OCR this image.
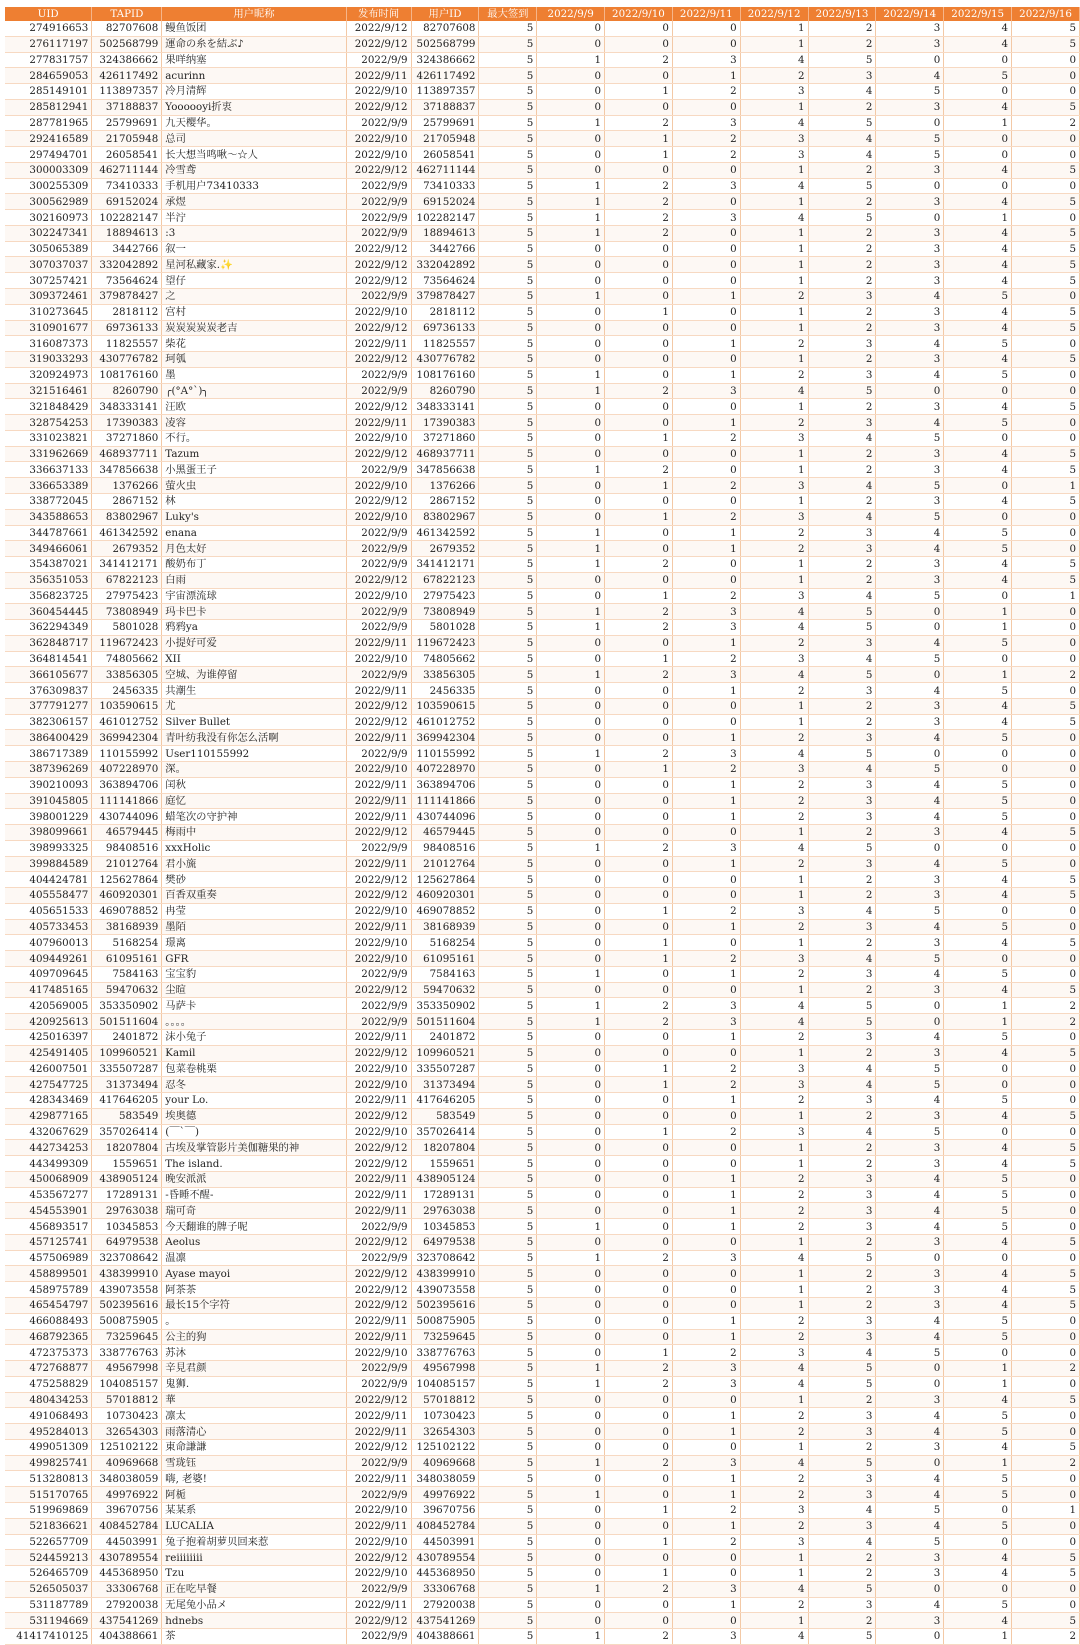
UID	TAPID	用户昵称	发布时间	用户ID	最大签到	2022/9/9	2022/9/10	2022/9/11	2022/9/12	2022/9/13	2022/9/14	2022/9/15	2022/9/16
274916653	82707608	鳗鱼饭团	2022/9/12	82707608	5	0	0	0	1	2	3	4	5
276117197	502568799	運命の糸を結ぶ♪	2022/9/12	502568799	5	0	0	0	1	2	3	4	5
277831757	324386662	果咩纳塞	2022/9/9	324386662	5	1	2	3	4	5	0	0	0
284659053	426117492	acurinn	2022/9/11	426117492	5	0	0	1	2	3	4	5	0
285149101	113897357	冷月清辉	2022/9/10	113897357	5	0	1	2	3	4	5	0	0
285812941	37188837	Yoooooyi折衷	2022/9/12	37188837	5	0	0	0	1	2	3	4	5
287781965	25799691	九天樱华。	2022/9/9	25799691	5	1	2	3	4	5	0	1	2
292416589	21705948	总司	2022/9/10	21705948	5	0	1	2	3	4	5	0	0
297494701	26058541	长大想当鸣啾～☆人	2022/9/10	26058541	5	0	1	2	3	4	5	0	0
300003309	462711144	冷雪鸢	2022/9/12	462711144	5	0	0	0	1	2	3	4	5
300255309	73410333	手机用户73410333	2022/9/9	73410333	5	1	2	3	4	5	0	0	0
300562989	69152024	承煜	2022/9/9	69152024	5	1	2	0	1	2	3	4	5
302160973	102282147	半泞	2022/9/9	102282147	5	1	2	3	4	5	0	1	0
302247341	18894613	:3	2022/9/9	18894613	5	1	2	0	1	2	3	4	5
305065389	3442766	叙一	2022/9/12	3442766	5	0	0	0	1	2	3	4	5
307037037	332042892	星河私藏家.✨	2022/9/12	332042892	5	0	0	0	1	2	3	4	5
307257421	73564624	望仔	2022/9/12	73564624	5	0	0	0	1	2	3	4	5
309372461	379878427	之	2022/9/9	379878427	5	1	0	1	2	3	4	5	0
310273645	2818112	宫村	2022/9/10	2818112	5	0	1	0	1	2	3	4	5
310901677	69736133	炭炭炭炭炭老吉	2022/9/12	69736133	5	0	0	0	1	2	3	4	5
316087373	11825557	柴花	2022/9/11	11825557	5	0	0	1	2	3	4	5	0
319033293	430776782	珂瓠	2022/9/12	430776782	5	0	0	0	1	2	3	4	5
320924973	108176160	墨	2022/9/9	108176160	5	1	0	1	2	3	4	5	0
321516461	8260790	╭(°A°`)╮	2022/9/9	8260790	5	1	2	3	4	5	0	0	0
321848429	348333141	汪欧	2022/9/12	348333141	5	0	0	0	1	2	3	4	5
328754253	17390383	凌容	2022/9/11	17390383	5	0	0	1	2	3	4	5	0
331023821	37271860	不行。	2022/9/10	37271860	5	0	1	2	3	4	5	0	0
331962669	468937711	Tazum	2022/9/12	468937711	5	0	0	0	1	2	3	4	5
336637133	347856638	小黑蛋王子	2022/9/9	347856638	5	1	2	0	1	2	3	4	5
336653389	1376266	萤火虫	2022/9/10	1376266	5	0	1	2	3	4	5	0	1
338772045	2867152	林	2022/9/12	2867152	5	0	0	0	1	2	3	4	5
343588653	83802967	Luky's	2022/9/10	83802967	5	0	1	2	3	4	5	0	0
344787661	461342592	enana	2022/9/9	461342592	5	1	0	1	2	3	4	5	0
349466061	2679352	月色太好	2022/9/9	2679352	5	1	0	1	2	3	4	5	0
354387021	341412171	酸奶布丁	2022/9/9	341412171	5	1	2	0	1	2	3	4	5
356351053	67822123	白雨	2022/9/12	67822123	5	0	0	0	1	2	3	4	5
356823725	27975423	宇宙漂流球	2022/9/10	27975423	5	0	1	2	3	4	5	0	1
360454445	73808949	玛卡巴卡	2022/9/9	73808949	5	1	2	3	4	5	0	1	0
362294349	5801028	鸦鸦ya	2022/9/9	5801028	5	1	2	3	4	5	0	1	0
362848717	119672423	小提好可爱	2022/9/11	119672423	5	0	0	1	2	3	4	5	0
364814541	74805662	XII	2022/9/10	74805662	5	0	1	2	3	4	5	0	0
366105677	33856305	空城、为谁停留	2022/9/9	33856305	5	1	2	3	4	5	0	1	2
376309837	2456335	共潮生	2022/9/11	2456335	5	0	0	1	2	3	4	5	0
377791277	103590615	尤	2022/9/12	103590615	5	0	0	0	1	2	3	4	5
382306157	461012752	Silver Bullet	2022/9/12	461012752	5	0	0	0	1	2	3	4	5
386400429	369942304	青叶纺我没有你怎么活啊	2022/9/11	369942304	5	0	0	1	2	3	4	5	0
386717389	110155992	User110155992	2022/9/9	110155992	5	1	2	3	4	5	0	0	0
387396269	407228970	深。	2022/9/10	407228970	5	0	1	2	3	4	5	0	0
390210093	363894706	闰秋	2022/9/11	363894706	5	0	0	1	2	3	4	5	0
391045805	111141866	庭忆	2022/9/11	111141866	5	0	0	1	2	3	4	5	0
398001229	430744096	蜡笔次の守护神	2022/9/11	430744096	5	0	0	1	2	3	4	5	0
398099661	46579445	梅雨中	2022/9/12	46579445	5	0	0	0	1	2	3	4	5
398993325	98408516	xxxHolic	2022/9/9	98408516	5	1	2	3	4	5	0	0	0
399884589	21012764	君小旒	2022/9/11	21012764	5	0	0	1	2	3	4	5	0
404424781	125627864	樊砂	2022/9/12	125627864	5	0	0	0	1	2	3	4	5
405558477	460920301	百香双重奏	2022/9/12	460920301	5	0	0	0	1	2	3	4	5
405651533	469078852	冉莹	2022/9/10	469078852	5	0	1	2	3	4	5	0	0
405733453	38168939	墨陌	2022/9/11	38168939	5	0	0	1	2	3	4	5	0
407960013	5168254	璟离	2022/9/10	5168254	5	0	1	0	1	2	3	4	5
409449261	61095161	GFR	2022/9/10	61095161	5	0	1	2	3	4	5	0	0
409709645	7584163	宝宝豹	2022/9/9	7584163	5	1	0	1	2	3	4	5	0
417485165	59470632	尘暄	2022/9/12	59470632	5	0	0	0	1	2	3	4	5
420569005	353350902	马萨卡	2022/9/9	353350902	5	1	2	3	4	5	0	1	2
420925613	501511604	。。。。	2022/9/9	501511604	5	1	2	3	4	5	0	1	2
425016397	2401872	沫小兔子	2022/9/11	2401872	5	0	0	1	2	3	4	5	0
425491405	109960521	Kamil	2022/9/12	109960521	5	0	0	0	1	2	3	4	5
426007501	335507287	包菜卷桃栗	2022/9/10	335507287	5	0	1	2	3	4	5	0	0
427547725	31373494	忍冬	2022/9/10	31373494	5	0	1	2	3	4	5	0	0
428343469	417646205	your Lo.	2022/9/11	417646205	5	0	0	1	2	3	4	5	0
429877165	583549	埃奥德	2022/9/12	583549	5	0	0	0	1	2	3	4	5
432067629	357026414	(￣`￣)	2022/9/10	357026414	5	0	1	2	3	4	5	0	0
442734253	18207804	古埃及掌管影片美伽糖果的神	2022/9/12	18207804	5	0	0	0	1	2	3	4	5
443499309	1559651	The island.	2022/9/12	1559651	5	0	0	0	1	2	3	4	5
450068909	438905124	晚安派派	2022/9/11	438905124	5	0	0	1	2	3	4	5	0
453567277	17289131	-昏睡不醒-	2022/9/11	17289131	5	0	0	1	2	3	4	5	0
454553901	29763038	瑞可奇	2022/9/11	29763038	5	0	0	1	2	3	4	5	0
456893517	10345853	今天翻谁的牌子呢	2022/9/9	10345853	5	1	0	1	2	3	4	5	0
457125741	64979538	Aeolus	2022/9/12	64979538	5	0	0	0	1	2	3	4	5
457506989	323708642	温凛	2022/9/9	323708642	5	1	2	3	4	5	0	0	0
458899501	438399910	Ayase mayoi	2022/9/12	438399910	5	0	0	0	1	2	3	4	5
458975789	439073558	阿茶茶	2022/9/12	439073558	5	0	0	0	1	2	3	4	5
465454797	502395616	最长15个字符	2022/9/12	502395616	5	0	0	0	1	2	3	4	5
466088493	500875905	。	2022/9/11	500875905	5	0	0	1	2	3	4	5	0
468792365	73259645	公主的狗	2022/9/11	73259645	5	0	0	1	2	3	4	5	0
472375373	338776763	苏沐	2022/9/10	338776763	5	0	1	2	3	4	5	0	0
472768877	49567998	辛見君颜	2022/9/9	49567998	5	1	2	3	4	5	0	1	2
475258829	104085157	鬼狮.	2022/9/9	104085157	5	1	2	3	4	5	0	1	0
480434253	57018812	華	2022/9/12	57018812	5	0	0	0	1	2	3	4	5
491068493	10730423	凛太	2022/9/11	10730423	5	0	0	1	2	3	4	5	0
495284013	32654303	雨落清心	2022/9/11	32654303	5	0	0	1	2	3	4	5	0
499051309	125102122	東命謙謙	2022/9/12	125102122	5	0	0	0	1	2	3	4	5
499825741	40969668	雪珑钰	2022/9/9	40969668	5	1	2	3	4	5	0	1	2
513280813	348038059	嗨, 老婆!	2022/9/11	348038059	5	0	0	1	2	3	4	5	0
515170765	49976922	阿栀	2022/9/9	49976922	5	1	0	1	2	3	4	5	0
519969869	39670756	某某系	2022/9/10	39670756	5	0	1	2	3	4	5	0	1
521836621	408452784	LUCALIA	2022/9/11	408452784	5	0	0	1	2	3	4	5	0
522657709	44503991	兔子抱着胡萝贝回来惹	2022/9/10	44503991	5	0	1	2	3	4	5	0	0
524459213	430789554	reiiiiiiii	2022/9/12	430789554	5	0	0	0	1	2	3	4	5
526465709	445368950	Tzu	2022/9/10	445368950	5	0	1	0	1	2	3	4	5
526505037	33306768	正在吃早餐	2022/9/9	33306768	5	1	2	3	4	5	0	0	0
531187789	27920038	无尾兔小品メ	2022/9/11	27920038	5	0	0	1	2	3	4	5	0
531194669	437541269	hdnebs	2022/9/12	437541269	5	0	0	0	1	2	3	4	5
41417410125	404388661	茶	2022/9/9	404388661	5	1	2	3	4	5	0	1	2
